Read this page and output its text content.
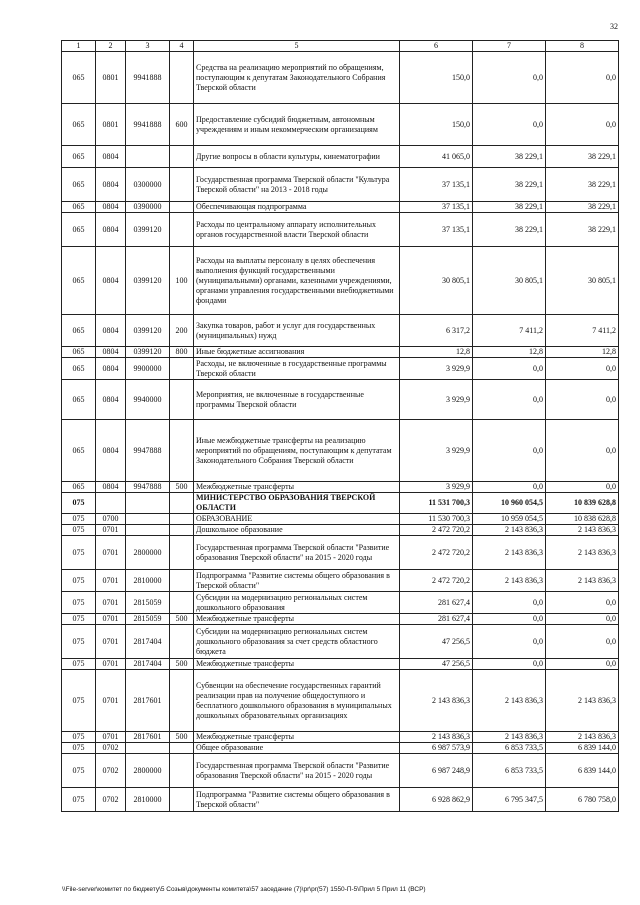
32
1	2	3	4	5	6	7	8
065	0801	9941888		Средства на реализацию мероприятий по обращениям, поступающим к депутатам Законодательного Собрания Тверской области	150,0	0,0	0,0
065	0801	9941888	600	Предоставление субсидий бюджетным, автономным учреждениям и иным некоммерческим организациям	150,0	0,0	0,0
065	0804			Другие вопросы в области культуры, кинематографии	41 065,0	38 229,1	38 229,1
065	0804	0300000		Государственная программа Тверской области "Культура Тверской области" на 2013 - 2018 годы	37 135,1	38 229,1	38 229,1
065	0804	0390000		Обеспечивающая подпрограмма	37 135,1	38 229,1	38 229,1
065	0804	0399120		Расходы по центральному аппарату исполнительных органов государственной власти Тверской области	37 135,1	38 229,1	38 229,1
065	0804	0399120	100	Расходы на выплаты персоналу в целях обеспечения выполнения функций государственными (муниципальными) органами, казенными учреждениями, органами управления государственными внебюджетными фондами	30 805,1	30 805,1	30 805,1
065	0804	0399120	200	Закупка товаров, работ и услуг для государственных (муниципальных) нужд	6 317,2	7 411,2	7 411,2
065	0804	0399120	800	Иные бюджетные ассигнования	12,8	12,8	12,8
065	0804	9900000		Расходы, не включенные в государственные программы Тверской области	3 929,9	0,0	0,0
065	0804	9940000		Мероприятия, не включенные в государственные программы Тверской области	3 929,9	0,0	0,0
065	0804	9947888		Иные межбюджетные трансферты на реализацию мероприятий по обращениям, поступающим к депутатам Законодательного Собрания Тверской области	3 929,9	0,0	0,0
065	0804	9947888	500	Межбюджетные трансферты	3 929,9	0,0	0,0
075				МИНИСТЕРСТВО ОБРАЗОВАНИЯ ТВЕРСКОЙ ОБЛАСТИ	11 531 700,3	10 960 054,5	10 839 628,8
075	0700			ОБРАЗОВАНИЕ	11 530 700,3	10 959 054,5	10 838 628,8
075	0701			Дошкольное образование	2 472 720,2	2 143 836,3	2 143 836,3
075	0701	2800000		Государственная программа Тверской области "Развитие образования Тверской области" на 2015 - 2020 годы	2 472 720,2	2 143 836,3	2 143 836,3
075	0701	2810000		Подпрограмма "Развитие системы общего образования в Тверской области"	2 472 720,2	2 143 836,3	2 143 836,3
075	0701	2815059		Субсидии на модернизацию региональных систем дошкольного образования	281 627,4	0,0	0,0
075	0701	2815059	500	Межбюджетные трансферты	281 627,4	0,0	0,0
075	0701	2817404		Субсидии на модернизацию региональных систем дошкольного образования за счет средств областного бюджета	47 256,5	0,0	0,0
075	0701	2817404	500	Межбюджетные трансферты	47 256,5	0,0	0,0
075	0701	2817601		Субвенции на обеспечение государственных гарантий реализации прав на получение общедоступного и бесплатного дошкольного образования в муниципальных дошкольных образовательных организациях	2 143 836,3	2 143 836,3	2 143 836,3
075	0701	2817601	500	Межбюджетные трансферты	2 143 836,3	2 143 836,3	2 143 836,3
075	0702			Общее образование	6 987 573,9	6 853 733,5	6 839 144,0
075	0702	2800000		Государственная программа Тверской области "Развитие образования Тверской области" на 2015 - 2020 годы	6 987 248,9	6 853 733,5	6 839 144,0
075	0702	2810000		Подпрограмма "Развитие системы общего образования в Тверской области"	6 928 862,9	6 795 347,5	6 780 758,0
\\File-server\комитет по бюджету\5 Созыв\документы комитета\57 заседание (7)\pr\pr(57) 1550-П-5\Прил 5 Прил 11 (ВСР)
